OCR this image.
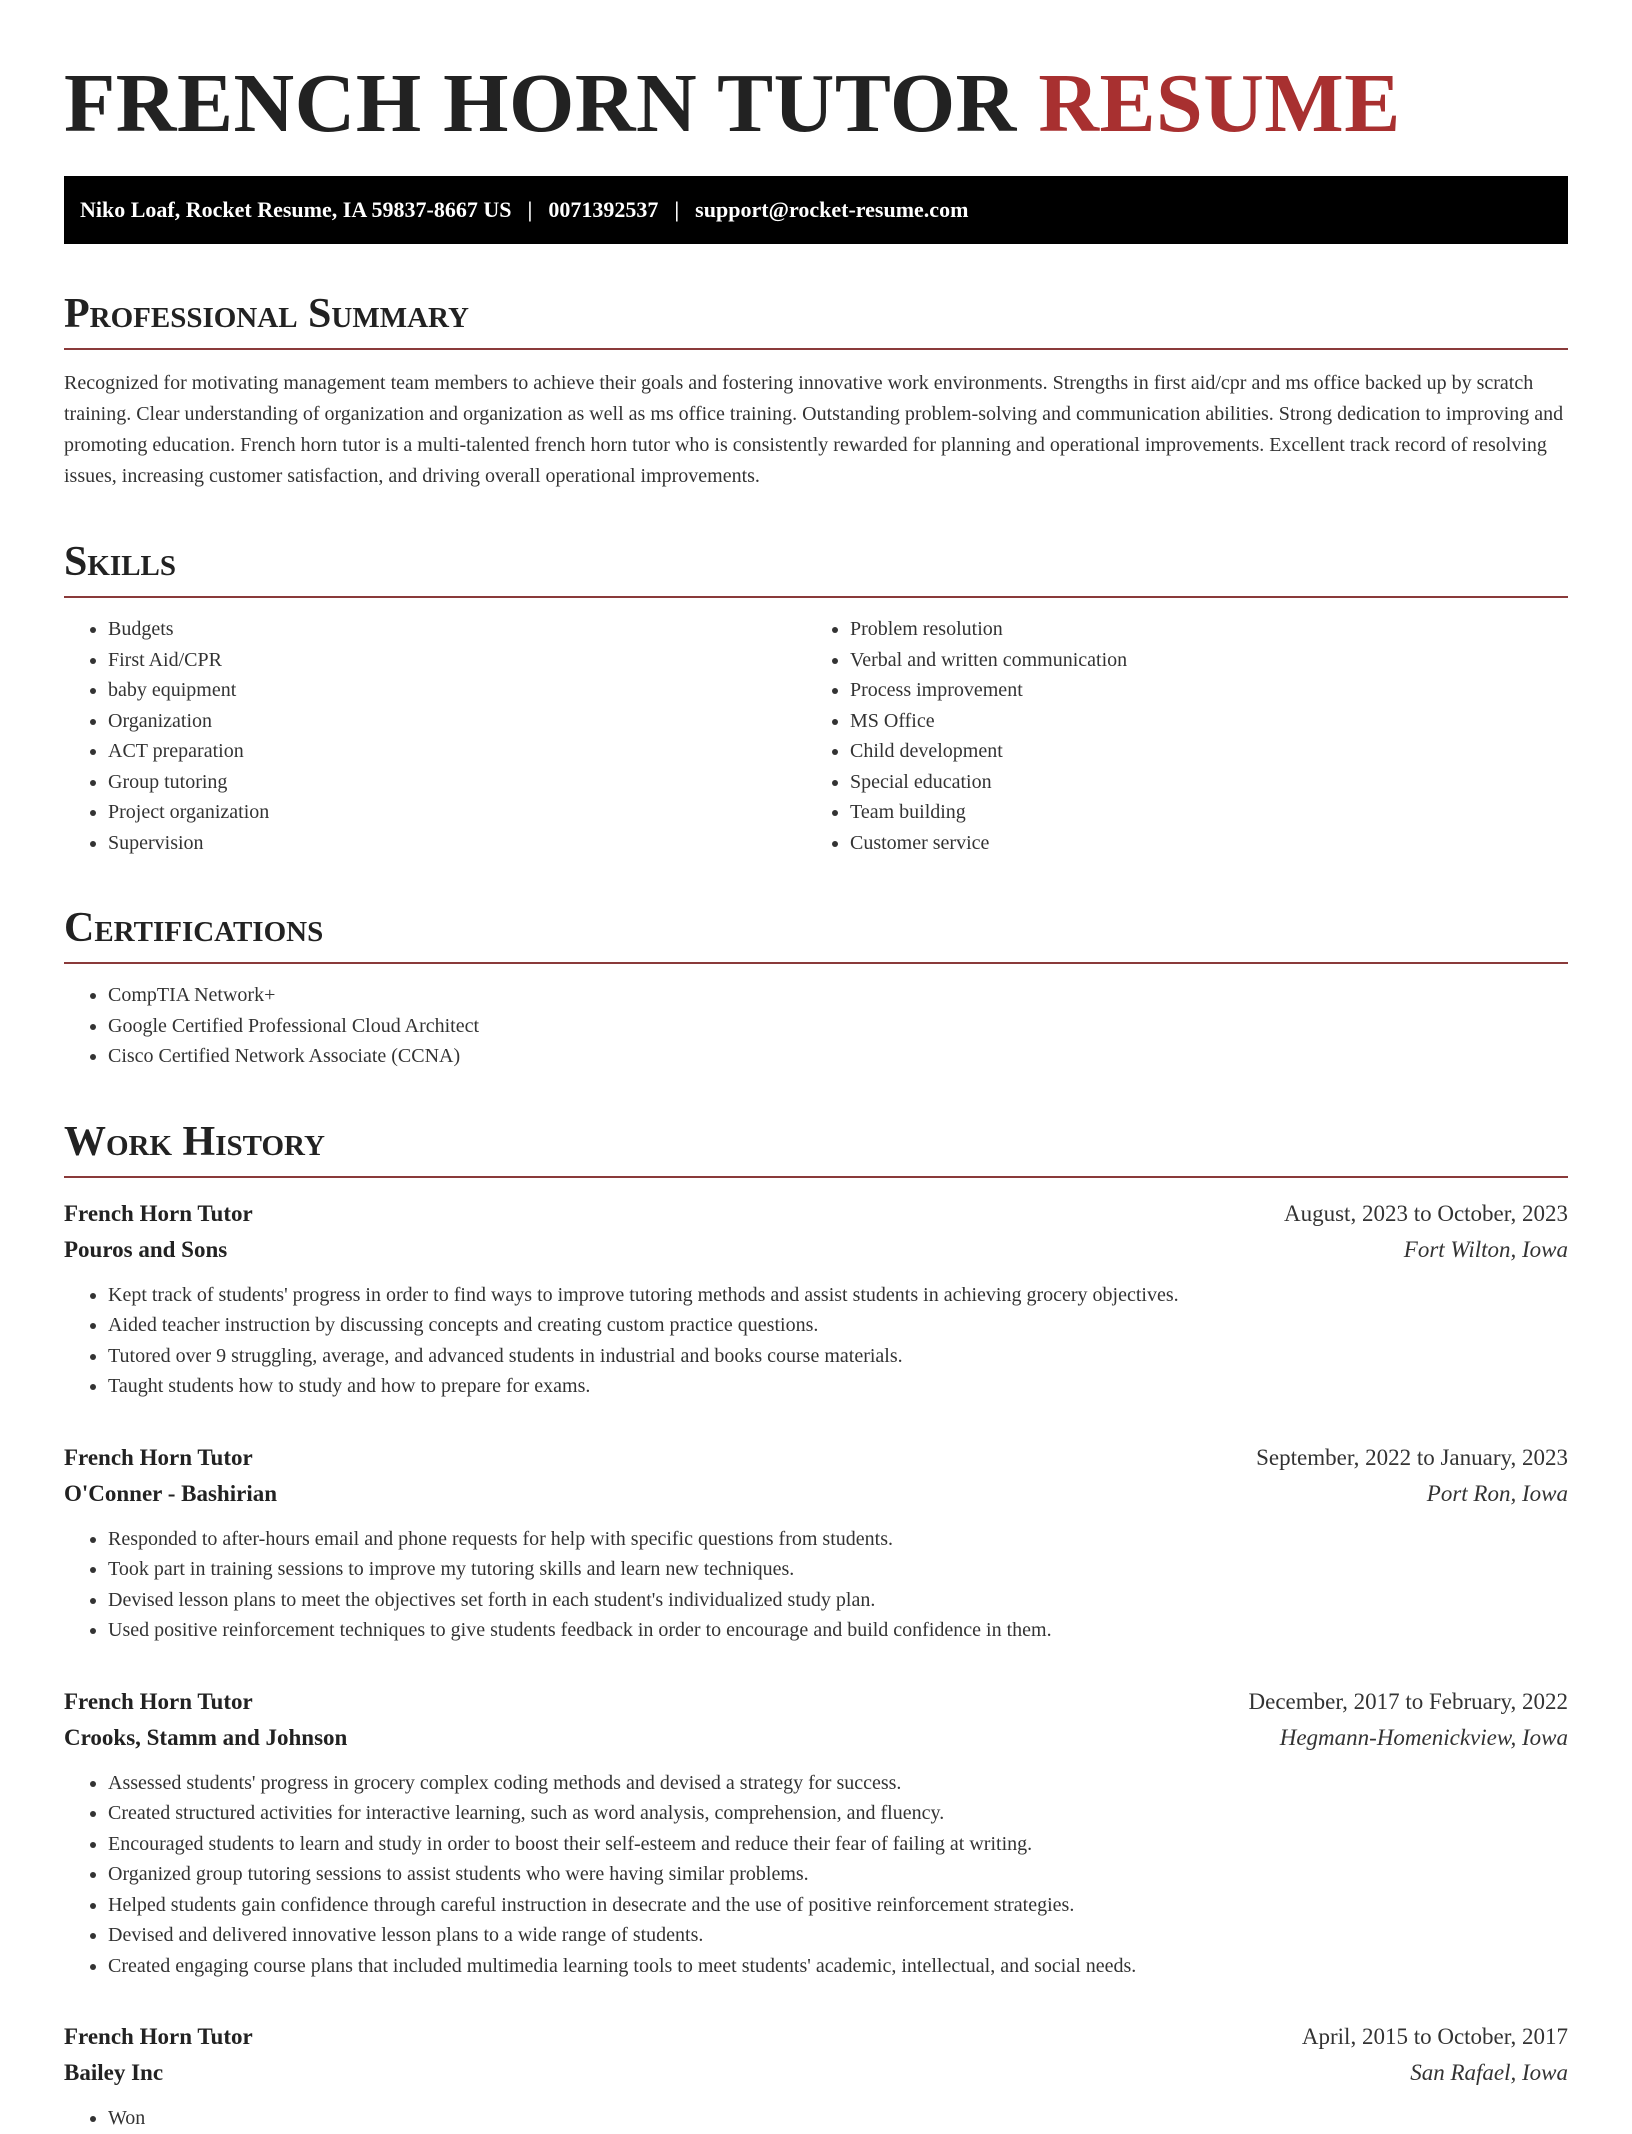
FRENCH HORN TUTOR RESUME
Niko Loaf, Rocket Resume, IA 59837-8667 US | 0071392537 | support@rocket-resume.com
Professional Summary

Recognized for motivating management team members to achieve their goals and fostering innovative work environments. Strengths in first aid/cpr and ms office backed up by scratch training. Clear understanding of organization and organization as well as ms office training. Outstanding problem-solving and communication abilities. Strong dedication to improving and promoting education. French horn tutor is a multi-talented french horn tutor who is consistently rewarded for planning and operational improvements. Excellent track record of resolving issues, increasing customer satisfaction, and driving overall operational improvements.

Skills
• Budgets
• First Aid/CPR
• baby equipment
• Organization
• ACT preparation
• Group tutoring
• Project organization
• Supervision
• Problem resolution
• Verbal and written communication
• Process improvement
• MS Office
• Child development
• Special education
• Team building
• Customer service
Certifications
• CompTIA Network+
• Google Certified Professional Cloud Architect
• Cisco Certified Network Associate (CCNA)
Work History
French Horn Tutor	August, 2023 to October, 2023
Pouros and Sons	Fort Wilton, Iowa
• Kept track of students' progress in order to find ways to improve tutoring methods and assist students in achieving grocery objectives.
• Aided teacher instruction by discussing concepts and creating custom practice questions.
• Tutored over 9 struggling, average, and advanced students in industrial and books course materials.
• Taught students how to study and how to prepare for exams.
French Horn Tutor	September, 2022 to January, 2023
O'Conner - Bashirian	Port Ron, Iowa
• Responded to after-hours email and phone requests for help with specific questions from students.
• Took part in training sessions to improve my tutoring skills and learn new techniques.
• Devised lesson plans to meet the objectives set forth in each student's individualized study plan.
• Used positive reinforcement techniques to give students feedback in order to encourage and build confidence in them.
French Horn Tutor	December, 2017 to February, 2022
Crooks, Stamm and Johnson	Hegmann-Homenickview, Iowa
• Assessed students' progress in grocery complex coding methods and devised a strategy for success.
• Created structured activities for interactive learning, such as word analysis, comprehension, and fluency.
• Encouraged students to learn and study in order to boost their self-esteem and reduce their fear of failing at writing.
• Organized group tutoring sessions to assist students who were having similar problems.
• Helped students gain confidence through careful instruction in desecrate and the use of positive reinforcement strategies.
• Devised and delivered innovative lesson plans to a wide range of students.
• Created engaging course plans that included multimedia learning tools to meet students' academic, intellectual, and social needs.
French Horn Tutor	April, 2015 to October, 2017
Bailey Inc	San Rafael, Iowa
• Won
